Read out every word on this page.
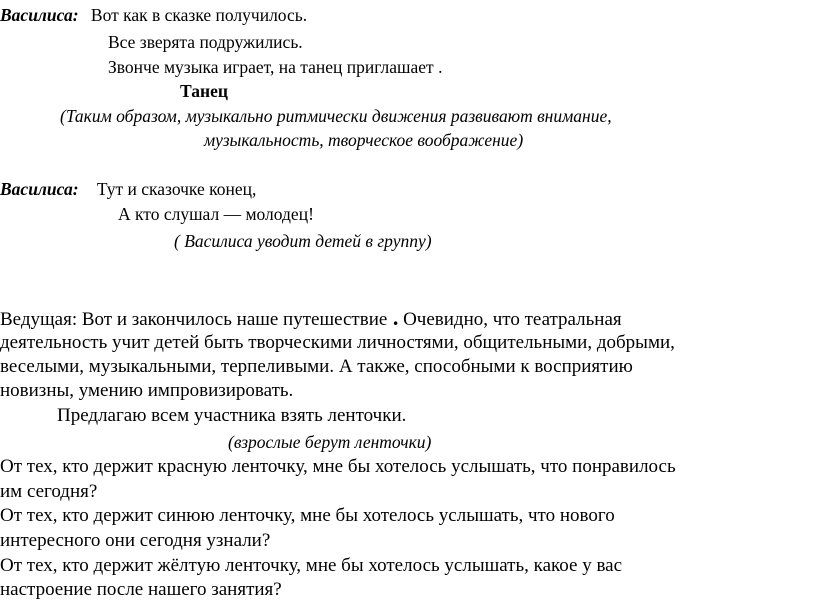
Василиса: Вот как в сказке получилось.
Все зверята подружились.
Звонче музыка играет, на танец приглашает .
Танец
(Таким образом, музыкально ритмически движения развивают внимание,
музыкальность, творческое воображение)
Василиса: Тут и сказочке конец,
А кто слушал — молодец!
( Василиса уводит детей в группу)
Ведущая: Вот и закончилось наше путешествие . Очевидно, что театральная
деятельность учит детей быть творческими личностями, общительными, добрыми,
веселыми, музыкальными, терпеливыми. А также, способными к восприятию
новизны, умению импровизировать.
Предлагаю всем участника взять ленточки.
(взрослые берут ленточки)
От тех, кто держит красную ленточку, мне бы хотелось услышать, что понравилось
им сегодня?
От тех, кто держит синюю ленточку, мне бы хотелось услышать, что нового
интересного они сегодня узнали?
От тех, кто держит жёлтую ленточку, мне бы хотелось услышать, какое у вас
настроение после нашего занятия?
